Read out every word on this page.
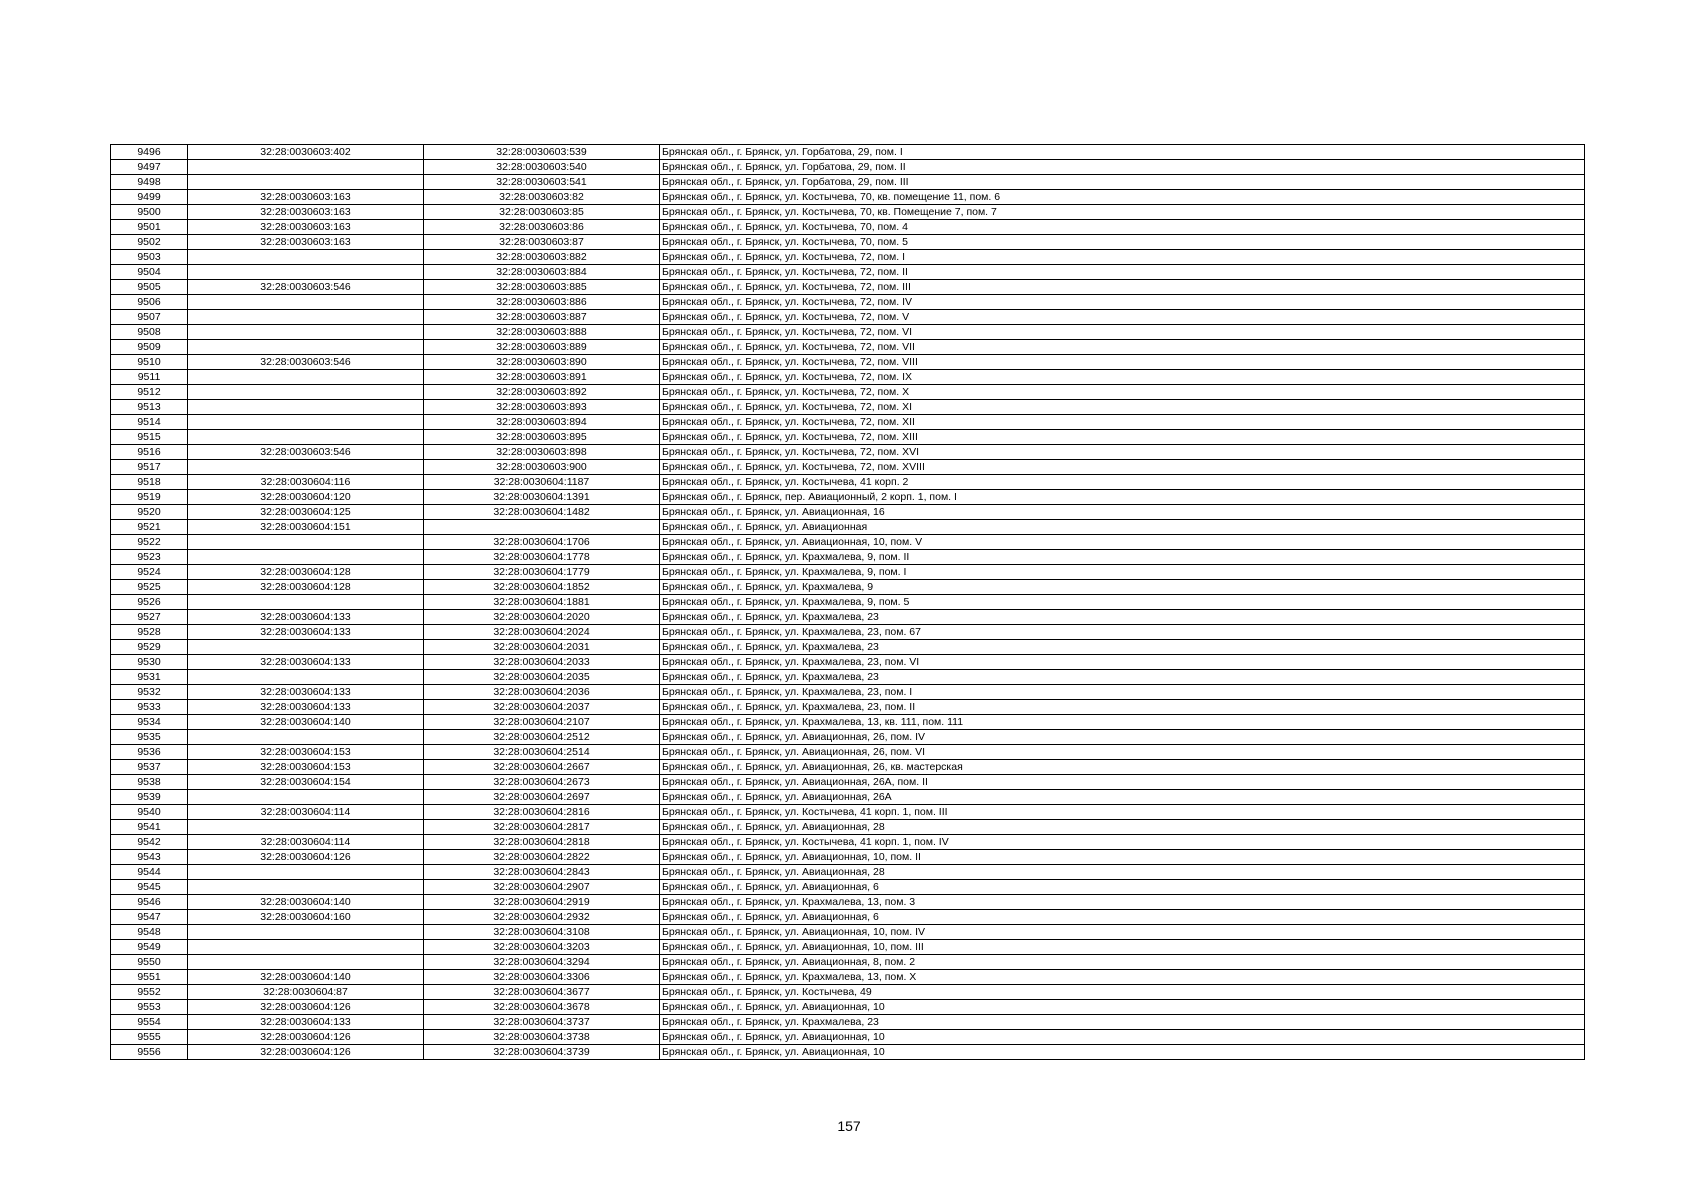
9496	32:28:0030603:402	32:28:0030603:539	Брянская обл., г. Брянск, ул. Горбатова, 29, пом. I
9497		32:28:0030603:540	Брянская обл., г. Брянск, ул. Горбатова, 29, пом. II
9498		32:28:0030603:541	Брянская обл., г. Брянск, ул. Горбатова, 29, пом. III
9499	32:28:0030603:163	32:28:0030603:82	Брянская обл., г. Брянск, ул. Костычева, 70, кв. помещение 11, пом. 6
9500	32:28:0030603:163	32:28:0030603:85	Брянская обл., г. Брянск, ул. Костычева, 70, кв. Помещение 7, пом. 7
9501	32:28:0030603:163	32:28:0030603:86	Брянская обл., г. Брянск, ул. Костычева, 70, пом. 4
9502	32:28:0030603:163	32:28:0030603:87	Брянская обл., г. Брянск, ул. Костычева, 70, пом. 5
9503		32:28:0030603:882	Брянская обл., г. Брянск, ул. Костычева, 72, пом. I
9504		32:28:0030603:884	Брянская обл., г. Брянск, ул. Костычева, 72, пом. II
9505	32:28:0030603:546	32:28:0030603:885	Брянская обл., г. Брянск, ул. Костычева, 72, пом. III
9506		32:28:0030603:886	Брянская обл., г. Брянск, ул. Костычева, 72, пом. IV
9507		32:28:0030603:887	Брянская обл., г. Брянск, ул. Костычева, 72, пом. V
9508		32:28:0030603:888	Брянская обл., г. Брянск, ул. Костычева, 72, пом. VI
9509		32:28:0030603:889	Брянская обл., г. Брянск, ул. Костычева, 72, пом. VII
9510	32:28:0030603:546	32:28:0030603:890	Брянская обл., г. Брянск, ул. Костычева, 72, пом. VIII
9511		32:28:0030603:891	Брянская обл., г. Брянск, ул. Костычева, 72, пом. IX
9512		32:28:0030603:892	Брянская обл., г. Брянск, ул. Костычева, 72, пом. X
9513		32:28:0030603:893	Брянская обл., г. Брянск, ул. Костычева, 72, пом. XI
9514		32:28:0030603:894	Брянская обл., г. Брянск, ул. Костычева, 72, пом. XII
9515		32:28:0030603:895	Брянская обл., г. Брянск, ул. Костычева, 72, пом. XIII
9516	32:28:0030603:546	32:28:0030603:898	Брянская обл., г. Брянск, ул. Костычева, 72, пом. XVI
9517		32:28:0030603:900	Брянская обл., г. Брянск, ул. Костычева, 72, пом. XVIII
9518	32:28:0030604:116	32:28:0030604:1187	Брянская обл., г. Брянск, ул. Костычева, 41 корп. 2
9519	32:28:0030604:120	32:28:0030604:1391	Брянская обл., г. Брянск, пер. Авиационный, 2 корп. 1, пом. I
9520	32:28:0030604:125	32:28:0030604:1482	Брянская обл., г. Брянск, ул. Авиационная, 16
9521	32:28:0030604:151		Брянская обл., г. Брянск, ул. Авиационная
9522		32:28:0030604:1706	Брянская обл., г. Брянск, ул. Авиационная, 10, пом. V
9523		32:28:0030604:1778	Брянская обл., г. Брянск, ул. Крахмалева, 9, пом. II
9524	32:28:0030604:128	32:28:0030604:1779	Брянская обл., г. Брянск, ул. Крахмалева, 9, пом. I
9525	32:28:0030604:128	32:28:0030604:1852	Брянская обл., г. Брянск, ул. Крахмалева, 9
9526		32:28:0030604:1881	Брянская обл., г. Брянск, ул. Крахмалева, 9, пом. 5
9527	32:28:0030604:133	32:28:0030604:2020	Брянская обл., г. Брянск, ул. Крахмалева, 23
9528	32:28:0030604:133	32:28:0030604:2024	Брянская обл., г. Брянск, ул. Крахмалева, 23, пом. 67
9529		32:28:0030604:2031	Брянская обл., г. Брянск, ул. Крахмалева, 23
9530	32:28:0030604:133	32:28:0030604:2033	Брянская обл., г. Брянск, ул. Крахмалева, 23, пом. VI
9531		32:28:0030604:2035	Брянская обл., г. Брянск, ул. Крахмалева, 23
9532	32:28:0030604:133	32:28:0030604:2036	Брянская обл., г. Брянск, ул. Крахмалева, 23, пом. I
9533	32:28:0030604:133	32:28:0030604:2037	Брянская обл., г. Брянск, ул. Крахмалева, 23, пом. II
9534	32:28:0030604:140	32:28:0030604:2107	Брянская обл., г. Брянск, ул. Крахмалева, 13, кв. 111, пом. 111
9535		32:28:0030604:2512	Брянская обл., г. Брянск, ул. Авиационная, 26, пом. IV
9536	32:28:0030604:153	32:28:0030604:2514	Брянская обл., г. Брянск, ул. Авиационная, 26, пом. VI
9537	32:28:0030604:153	32:28:0030604:2667	Брянская обл., г. Брянск, ул. Авиационная, 26, кв. мастерская
9538	32:28:0030604:154	32:28:0030604:2673	Брянская обл., г. Брянск, ул. Авиационная, 26А, пом. II
9539		32:28:0030604:2697	Брянская обл., г. Брянск, ул. Авиационная, 26А
9540	32:28:0030604:114	32:28:0030604:2816	Брянская обл., г. Брянск, ул. Костычева, 41 корп. 1, пом. III
9541		32:28:0030604:2817	Брянская обл., г. Брянск, ул. Авиационная, 28
9542	32:28:0030604:114	32:28:0030604:2818	Брянская обл., г. Брянск, ул. Костычева, 41 корп. 1, пом. IV
9543	32:28:0030604:126	32:28:0030604:2822	Брянская обл., г. Брянск, ул. Авиационная, 10, пом. II
9544		32:28:0030604:2843	Брянская обл., г. Брянск, ул. Авиационная, 28
9545		32:28:0030604:2907	Брянская обл., г. Брянск, ул. Авиационная, 6
9546	32:28:0030604:140	32:28:0030604:2919	Брянская обл., г. Брянск, ул. Крахмалева, 13, пом. 3
9547	32:28:0030604:160	32:28:0030604:2932	Брянская обл., г. Брянск, ул. Авиационная, 6
9548		32:28:0030604:3108	Брянская обл., г. Брянск, ул. Авиационная, 10, пом. IV
9549		32:28:0030604:3203	Брянская обл., г. Брянск, ул. Авиационная, 10, пом. III
9550		32:28:0030604:3294	Брянская обл., г. Брянск, ул. Авиационная, 8, пом. 2
9551	32:28:0030604:140	32:28:0030604:3306	Брянская обл., г. Брянск, ул. Крахмалева, 13, пом. X
9552	32:28:0030604:87	32:28:0030604:3677	Брянская обл., г. Брянск, ул. Костычева, 49
9553	32:28:0030604:126	32:28:0030604:3678	Брянская обл., г. Брянск, ул. Авиационная, 10
9554	32:28:0030604:133	32:28:0030604:3737	Брянская обл., г. Брянск, ул. Крахмалева, 23
9555	32:28:0030604:126	32:28:0030604:3738	Брянская обл., г. Брянск, ул. Авиационная, 10
9556	32:28:0030604:126	32:28:0030604:3739	Брянская обл., г. Брянск, ул. Авиационная, 10
157
